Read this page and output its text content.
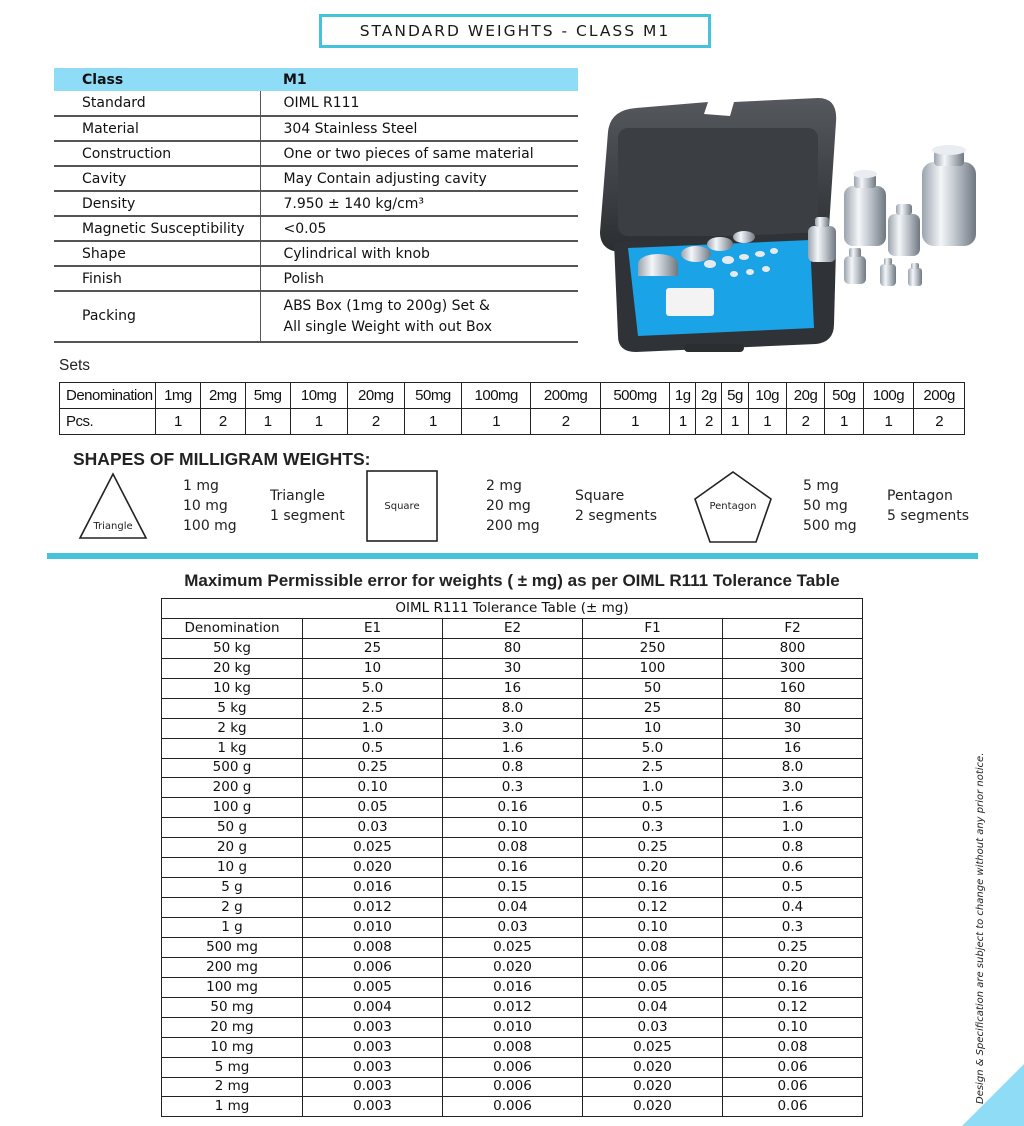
STANDARD WEIGHTS - CLASS M1
Class	M1
Standard	OIML R111
Material	304 Stainless Steel
Construction	One or two pieces of same material
Cavity	May Contain adjusting cavity
Density	7.950 ± 140 kg/cm³
Magnetic Susceptibility	<0.05
Shape	Cylindrical with knob
Finish	Polish
Packing	ABS Box (1mg to 200g) Set &
All single Weight with out Box
Sets
Denomination	1mg	2mg	5mg	10mg	20mg	50mg	100mg	200mg	500mg	1g	2g	5g	10g	20g	50g	100g	200g
Pcs.	1	2	1	1	2	1	1	2	1	1	2	1	1	2	1	1	2
SHAPES OF MILLIGRAM WEIGHTS:
Triangle
1 mg
10 mg
100 mg
Triangle
1 segment
Square
2 mg
20 mg
200 mg
Square
2 segments
Pentagon
5 mg
50 mg
500 mg
Pentagon
5 segments
Maximum Permissible error for weights ( ± mg) as per OIML R111 Tolerance Table
OIML R111 Tolerance Table (± mg)				
Denomination	E1	E2	F1	F2
50 kg	25	80	250	800
20 kg	10	30	100	300
10 kg	5.0	16	50	160
5 kg	2.5	8.0	25	80
2 kg	1.0	3.0	10	30
1 kg	0.5	1.6	5.0	16
500 g	0.25	0.8	2.5	8.0
200 g	0.10	0.3	1.0	3.0
100 g	0.05	0.16	0.5	1.6
50 g	0.03	0.10	0.3	1.0
20 g	0.025	0.08	0.25	0.8
10 g	0.020	0.16	0.20	0.6
5 g	0.016	0.15	0.16	0.5
2 g	0.012	0.04	0.12	0.4
1 g	0.010	0.03	0.10	0.3
500 mg	0.008	0.025	0.08	0.25
200 mg	0.006	0.020	0.06	0.20
100 mg	0.005	0.016	0.05	0.16
50 mg	0.004	0.012	0.04	0.12
20 mg	0.003	0.010	0.03	0.10
10 mg	0.003	0.008	0.025	0.08
5 mg	0.003	0.006	0.020	0.06
2 mg	0.003	0.006	0.020	0.06
1 mg	0.003	0.006	0.020	0.06
Design & Specification are subject to change without any prior notice.
